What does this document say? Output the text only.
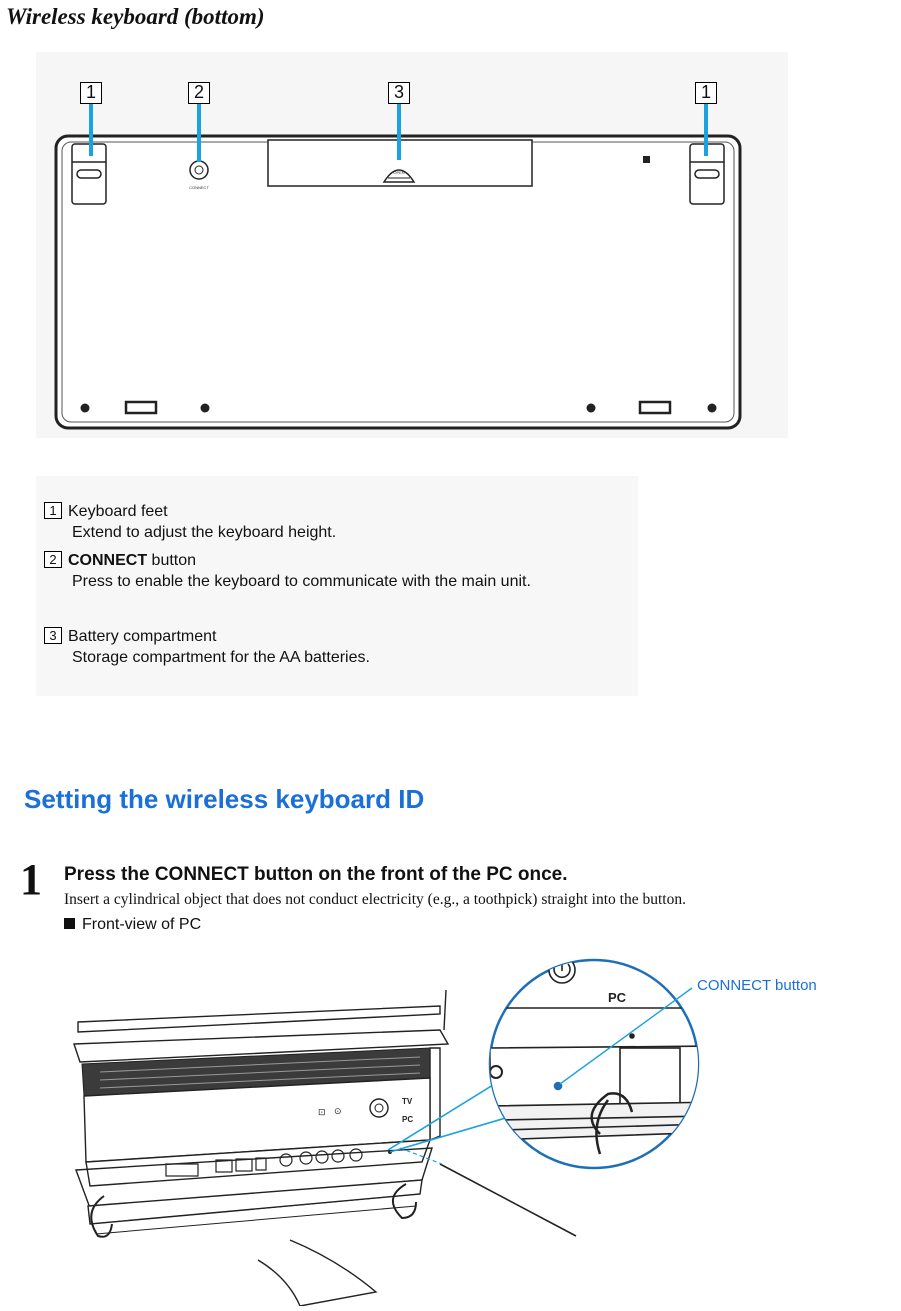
Wireless keyboard (bottom)
CONNECT
OPEN
1	2	3	1
1 Keyboard feet
Extend to adjust the keyboard height.
2 CONNECT button
Press to enable the keyboard to communicate with the main unit.
3 Battery compartment
Storage compartment for the AA batteries.
Setting the wireless keyboard ID
1 Press the CONNECT button on the front of the PC once.

Insert a cylindrical object that does not conduct electricity (e.g., a toothpick) straight into the button.

Front-view of PC
⊡ ⊙
TV
PC
PC
CONNECT button
